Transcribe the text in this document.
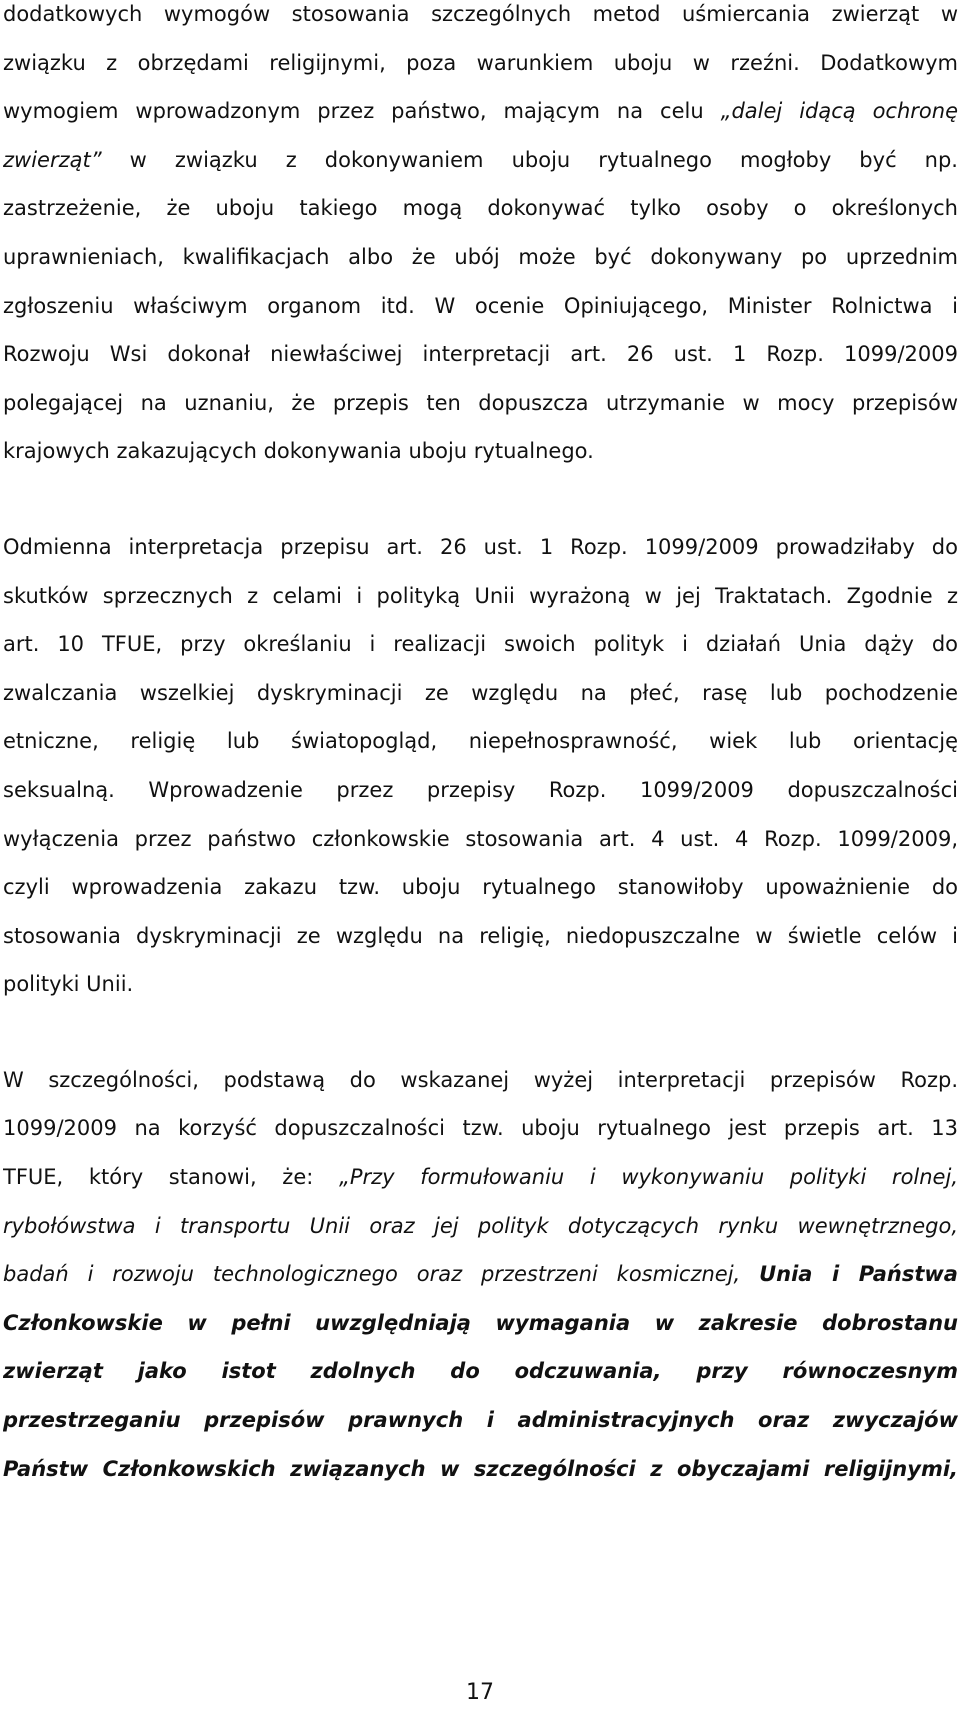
dodatkowych wymogów stosowania szczególnych metod uśmiercania zwierząt w
związku z obrzędami religijnymi, poza warunkiem uboju w rzeźni. Dodatkowym
wymogiem wprowadzonym przez państwo, mającym na celu „dalej idącą ochronę
zwierząt” w związku z dokonywaniem uboju rytualnego mogłoby być np.
zastrzeżenie, że uboju takiego mogą dokonywać tylko osoby o określonych
uprawnieniach, kwalifikacjach albo że ubój może być dokonywany po uprzednim
zgłoszeniu właściwym organom itd. W ocenie Opiniującego, Minister Rolnictwa i
Rozwoju Wsi dokonał niewłaściwej interpretacji art. 26 ust. 1 Rozp. 1099/2009
polegającej na uznaniu, że przepis ten dopuszcza utrzymanie w mocy przepisów
krajowych zakazujących dokonywania uboju rytualnego.
Odmienna interpretacja przepisu art. 26 ust. 1 Rozp. 1099/2009 prowadziłaby do
skutków sprzecznych z celami i polityką Unii wyrażoną w jej Traktatach. Zgodnie z
art. 10 TFUE, przy określaniu i realizacji swoich polityk i działań Unia dąży do
zwalczania wszelkiej dyskryminacji ze względu na płeć, rasę lub pochodzenie
etniczne, religię lub światopogląd, niepełnosprawność, wiek lub orientację
seksualną. Wprowadzenie przez przepisy Rozp. 1099/2009 dopuszczalności
wyłączenia przez państwo członkowskie stosowania art. 4 ust. 4 Rozp. 1099/2009,
czyli wprowadzenia zakazu tzw. uboju rytualnego stanowiłoby upoważnienie do
stosowania dyskryminacji ze względu na religię, niedopuszczalne w świetle celów i
polityki Unii.
W szczególności, podstawą do wskazanej wyżej interpretacji przepisów Rozp.
1099/2009 na korzyść dopuszczalności tzw. uboju rytualnego jest przepis art. 13
TFUE, który stanowi, że: „Przy formułowaniu i wykonywaniu polityki rolnej,
rybołówstwa i transportu Unii oraz jej polityk dotyczących rynku wewnętrznego,
badań i rozwoju technologicznego oraz przestrzeni kosmicznej, Unia i Państwa
Członkowskie w pełni uwzględniają wymagania w zakresie dobrostanu
zwierząt jako istot zdolnych do odczuwania, przy równoczesnym
przestrzeganiu przepisów prawnych i administracyjnych oraz zwyczajów
Państw Członkowskich związanych w szczególności z obyczajami religijnymi,
17
